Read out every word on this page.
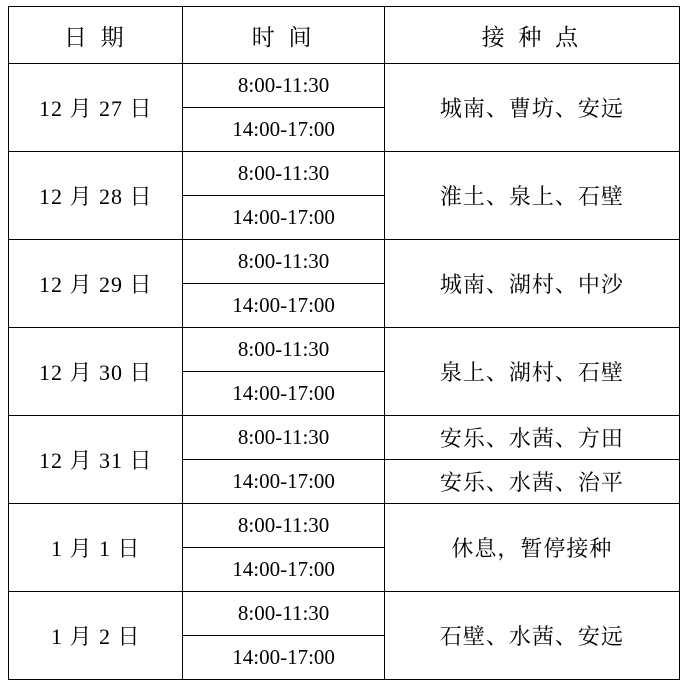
日 期	时 间	接 种 点
12 月 27 日	8:00-11:30	城南、曹坊、安远
	14:00-17:00	
12 月 28 日	8:00-11:30	淮土、泉上、石壁
	14:00-17:00	
12 月 29 日	8:00-11:30	城南、湖村、中沙
	14:00-17:00	
12 月 30 日	8:00-11:30	泉上、湖村、石壁
	14:00-17:00	
12 月 31 日	8:00-11:30	安乐、水茜、方田
	14:00-17:00	安乐、水茜、治平
1 月 1 日	8:00-11:30	休息，暂停接种
	14:00-17:00	
1 月 2 日	8:00-11:30	石壁、水茜、安远
	14:00-17:00	
